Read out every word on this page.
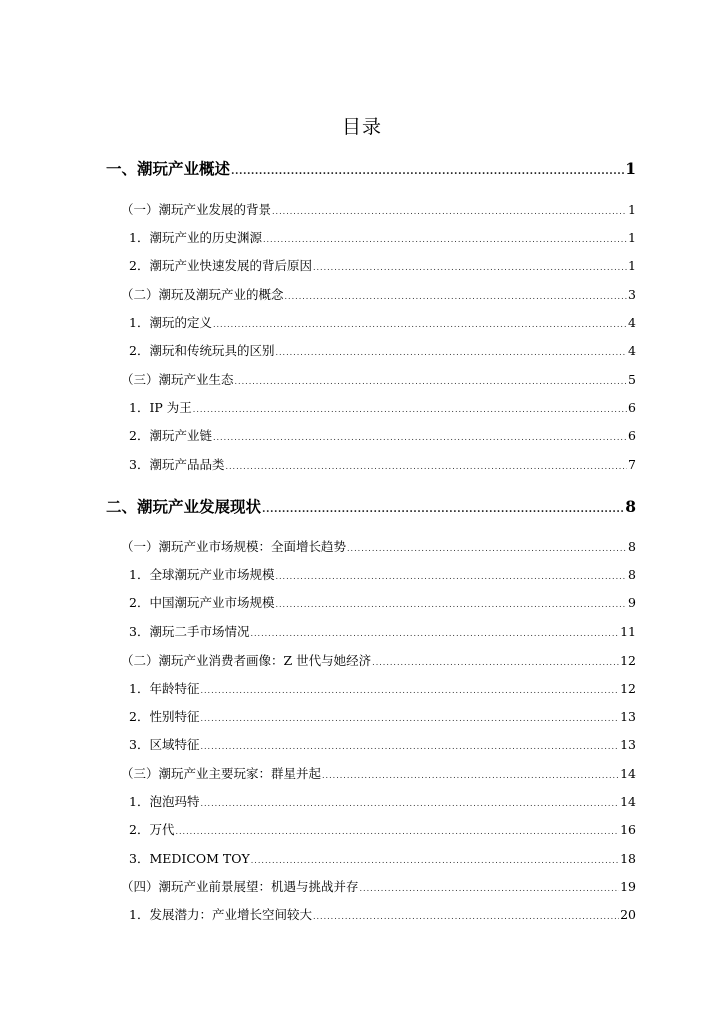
目录
一、潮玩产业概述 .....	1
（一）潮玩产业发展的背景 .....	1
1．潮玩产业的历史渊源 .....	1
2．潮玩产业快速发展的背后原因 .....	1
（二）潮玩及潮玩产业的概念 .....	3
1．潮玩的定义 .....	4
2．潮玩和传统玩具的区别 .....	4
（三）潮玩产业生态 .....	5
1．IP 为王 .....	6
2．潮玩产业链 .....	6
3．潮玩产品品类 .....	7
二、潮玩产业发展现状 .....	8
（一）潮玩产业市场规模：全面增长趋势 .....	8
1．全球潮玩产业市场规模 .....	8
2．中国潮玩产业市场规模 .....	9
3．潮玩二手市场情况 .....	11
（二）潮玩产业消费者画像：Z 世代与她经济 .....	12
1．年龄特征 .....	12
2．性别特征 .....	13
3．区域特征 .....	13
（三）潮玩产业主要玩家：群星并起 .....	14
1．泡泡玛特 .....	14
2．万代 .....	16
3．MEDICOM TOY .....	18
（四）潮玩产业前景展望：机遇与挑战并存 .....	19
1．发展潜力：产业增长空间较大 .....	20
